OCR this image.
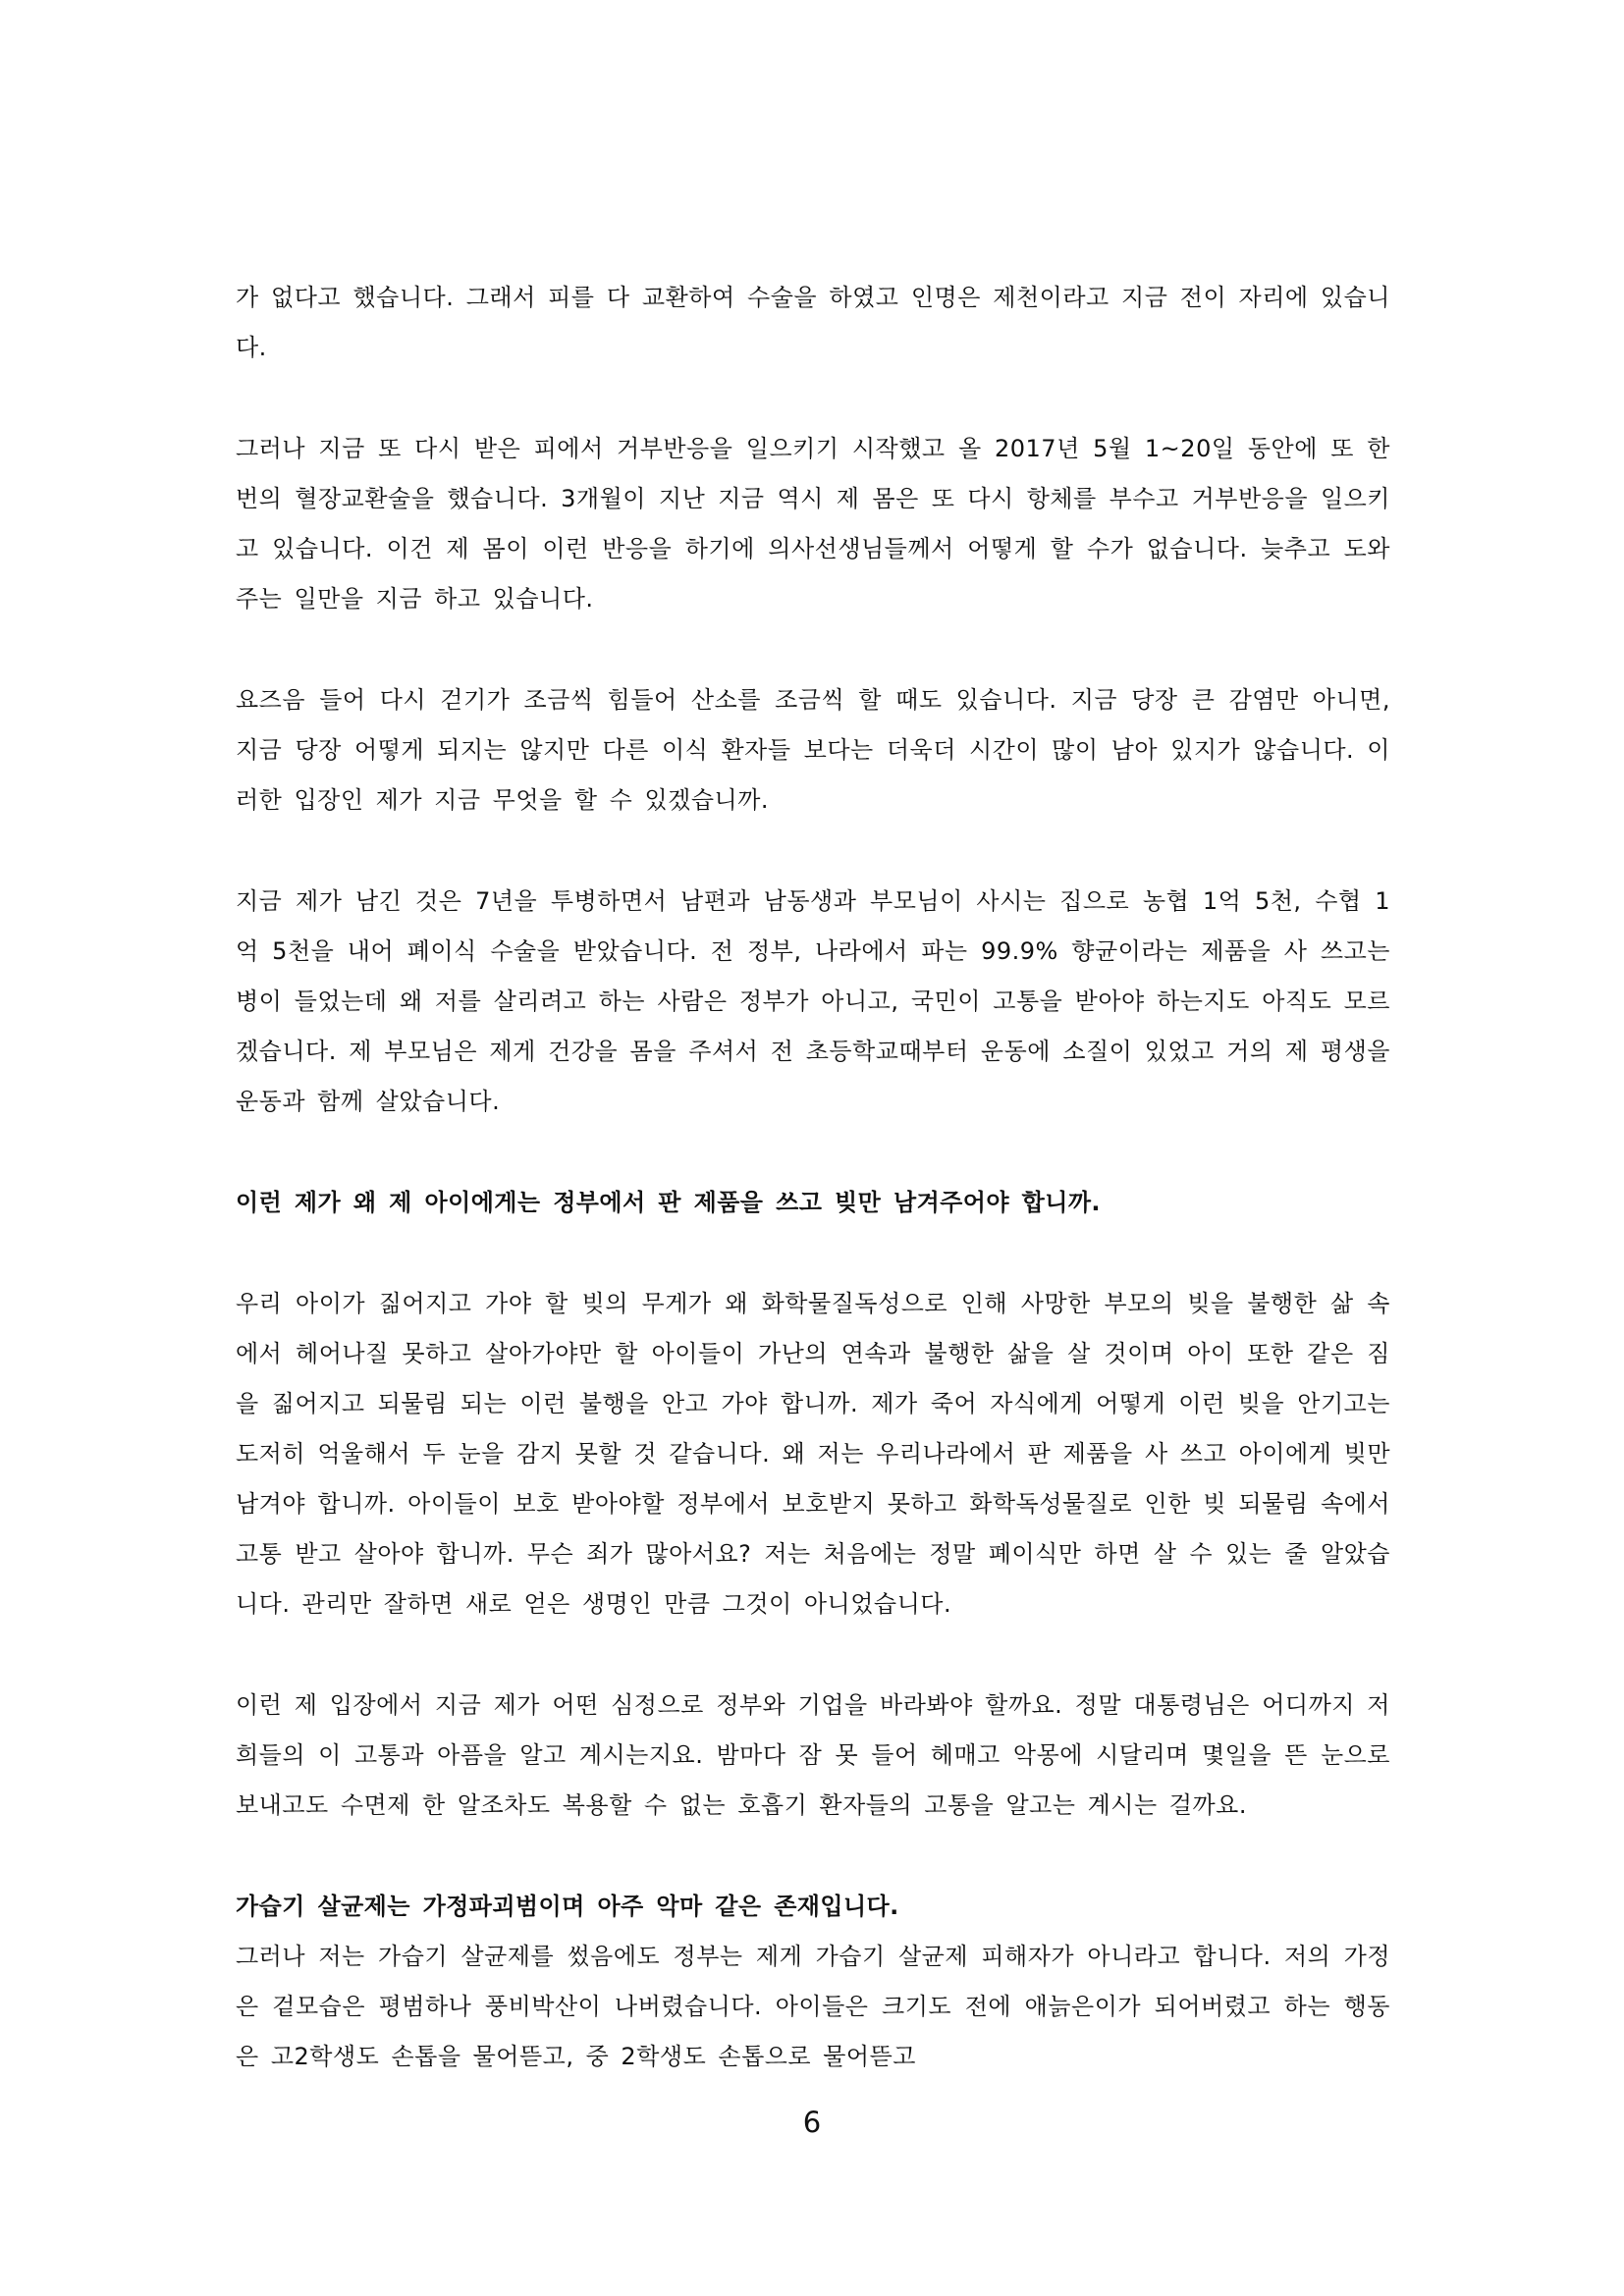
가 없다고 했습니다. 그래서 피를 다 교환하여 수술을 하였고 인명은 제천이라고 지금 전이 자리에 있습니다.

그러나 지금 또 다시 받은 피에서 거부반응을 일으키기 시작했고 올 2017년 5월 1~20일 동안에 또 한번의 혈장교환술을 했습니다. 3개월이 지난 지금 역시 제 몸은 또 다시 항체를 부수고 거부반응을 일으키고 있습니다. 이건 제 몸이 이런 반응을 하기에 의사선생님들께서 어떻게 할 수가 없습니다. 늦추고 도와주는 일만을 지금 하고 있습니다.

요즈음 들어 다시 걷기가 조금씩 힘들어 산소를 조금씩 할 때도 있습니다. 지금 당장 큰 감염만 아니면, 지금 당장 어떻게 되지는 않지만 다른 이식 환자들 보다는 더욱더 시간이 많이 남아 있지가 않습니다. 이러한 입장인 제가 지금 무엇을 할 수 있겠습니까.

지금 제가 남긴 것은 7년을 투병하면서 남편과 남동생과 부모님이 사시는 집으로 농협 1억 5천, 수협 1억 5천을 내어 폐이식 수술을 받았습니다. 전 정부, 나라에서 파는 99.9% 향균이라는 제품을 사 쓰고는 병이 들었는데 왜 저를 살리려고 하는 사람은 정부가 아니고, 국민이 고통을 받아야 하는지도 아직도 모르겠습니다. 제 부모님은 제게 건강을 몸을 주셔서 전 초등학교때부터 운동에 소질이 있었고 거의 제 평생을 운동과 함께 살았습니다.

이런 제가 왜 제 아이에게는 정부에서 판 제품을 쓰고 빚만 남겨주어야 합니까.

우리 아이가 짊어지고 가야 할 빚의 무게가 왜 화학물질독성으로 인해 사망한 부모의 빚을 불행한 삶 속에서 헤어나질 못하고 살아가야만 할 아이들이 가난의 연속과 불행한 삶을 살 것이며 아이 또한 같은 짐을 짊어지고 되물림 되는 이런 불행을 안고 가야 합니까. 제가 죽어 자식에게 어떻게 이런 빚을 안기고는 도저히 억울해서 두 눈을 감지 못할 것 같습니다. 왜 저는 우리나라에서 판 제품을 사 쓰고 아이에게 빚만 남겨야 합니까. 아이들이 보호 받아야할 정부에서 보호받지 못하고 화학독성물질로 인한 빚 되물림 속에서 고통 받고 살아야 합니까. 무슨 죄가 많아서요? 저는 처음에는 정말 폐이식만 하면 살 수 있는 줄 알았습니다. 관리만 잘하면 새로 얻은 생명인 만큼 그것이 아니었습니다.

이런 제 입장에서 지금 제가 어떤 심정으로 정부와 기업을 바라봐야 할까요. 정말 대통령님은 어디까지 저희들의 이 고통과 아픔을 알고 계시는지요. 밤마다 잠 못 들어 헤매고 악몽에 시달리며 몇일을 뜬 눈으로 보내고도 수면제 한 알조차도 복용할 수 없는 호흡기 환자들의 고통을 알고는 계시는 걸까요.

가습기 살균제는 가정파괴범이며 아주 악마 같은 존재입니다.

그러나 저는 가습기 살균제를 썼음에도 정부는 제게 가습기 살균제 피해자가 아니라고 합니다. 저의 가정은 겉모습은 평범하나 풍비박산이 나버렸습니다. 아이들은 크기도 전에 애늙은이가 되어버렸고 하는 행동은 고2학생도 손톱을 물어뜯고, 중 2학생도 손톱으로 물어뜯고

6
